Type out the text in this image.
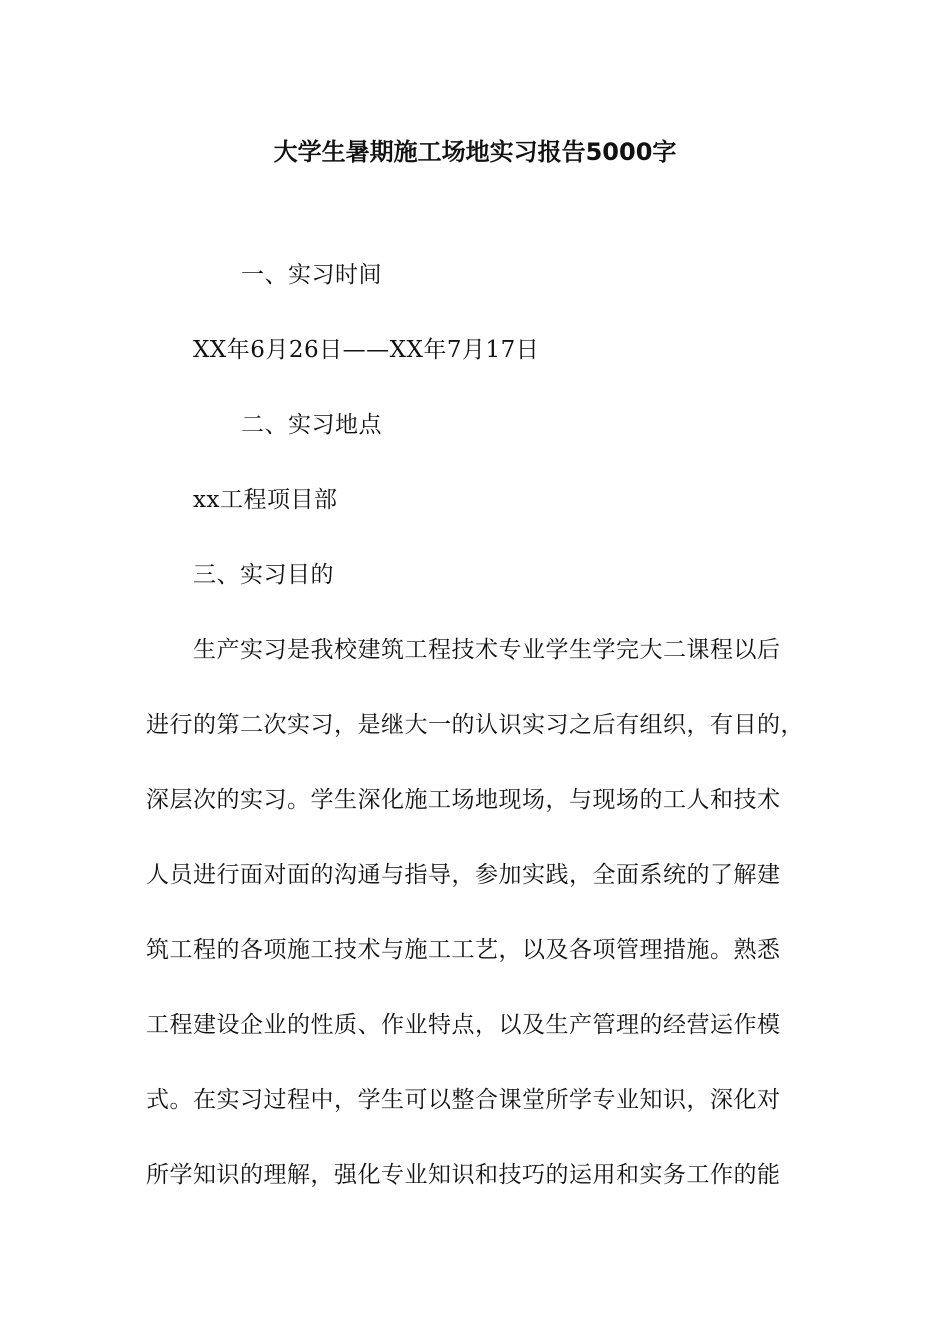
大学生暑期施工场地实习报告5000字
一、实习时间
XX年6月26日——XX年7月17日
二、实习地点
xx工程项目部
三、实习目的
生产实习是我校建筑工程技术专业学生学完大二课程以后
进行的第二次实习，是继大一的认识实习之后有组织，有目的，
深层次的实习。学生深化施工场地现场，与现场的工人和技术
人员进行面对面的沟通与指导，参加实践，全面系统的了解建
筑工程的各项施工技术与施工工艺，以及各项管理措施。熟悉
工程建设企业的性质、作业特点，以及生产管理的经营运作模
式。在实习过程中，学生可以整合课堂所学专业知识，深化对
所学知识的理解，强化专业知识和技巧的运用和实务工作的能
